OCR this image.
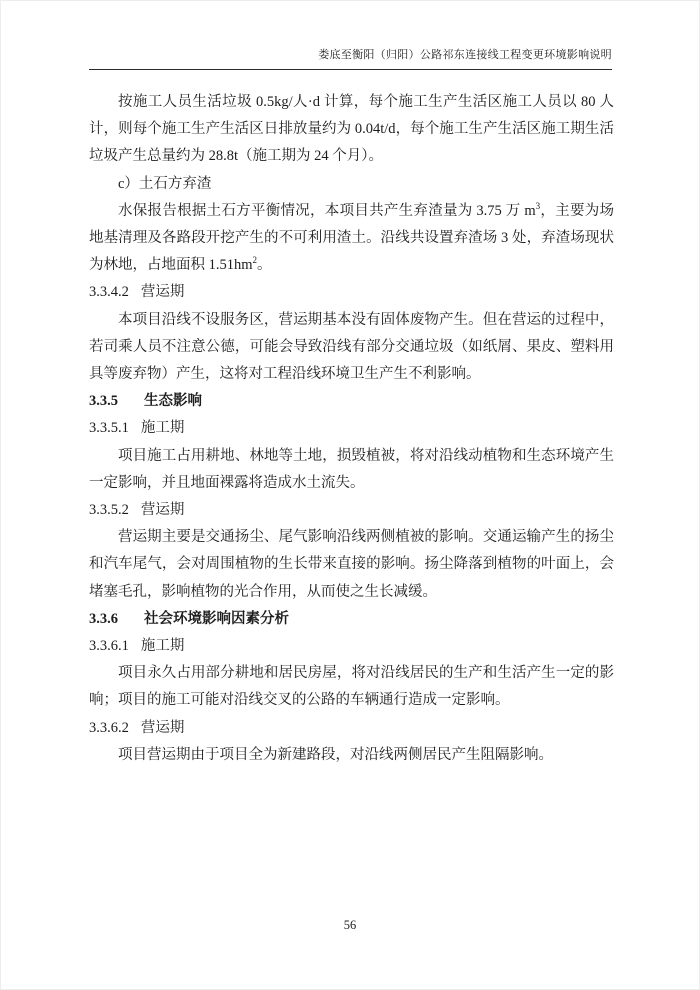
娄底至衡阳（归阳）公路祁东连接线工程变更环境影响说明

按施工人员生活垃圾 0.5kg/人·d 计算，每个施工生产生活区施工人员以 80 人计，则每个施工生产生活区日排放量约为 0.04t/d，每个施工生产生活区施工期生活垃圾产生总量约为 28.8t（施工期为 24 个月）。

c）土石方弃渣

水保报告根据土石方平衡情况，本项目共产生弃渣量为 3.75 万 $m^3$，主要为场地基清理及各路段开挖产生的不可利用渣土。沿线共设置弃渣场 3 处，弃渣场现状为林地，占地面积 $1.51hm^2$。

3.3.4.2 营运期

本项目沿线不设服务区，营运期基本没有固体废物产生。但在营运的过程中，若司乘人员不注意公德，可能会导致沿线有部分交通垃圾（如纸屑、果皮、塑料用具等废弃物）产生，这将对工程沿线环境卫生产生不利影响。

3.3.5 生态影响

3.3.5.1 施工期

项目施工占用耕地、林地等土地，损毁植被，将对沿线动植物和生态环境产生一定影响，并且地面裸露将造成水土流失。

3.3.5.2 营运期

营运期主要是交通扬尘、尾气影响沿线两侧植被的影响。交通运输产生的扬尘和汽车尾气，会对周围植物的生长带来直接的影响。扬尘降落到植物的叶面上，会堵塞毛孔，影响植物的光合作用，从而使之生长减缓。

3.3.6 社会环境影响因素分析

3.3.6.1 施工期

项目永久占用部分耕地和居民房屋，将对沿线居民的生产和生活产生一定的影响；项目的施工可能对沿线交叉的公路的车辆通行造成一定影响。

3.3.6.2 营运期

项目营运期由于项目全为新建路段，对沿线两侧居民产生阻隔影响。

56
